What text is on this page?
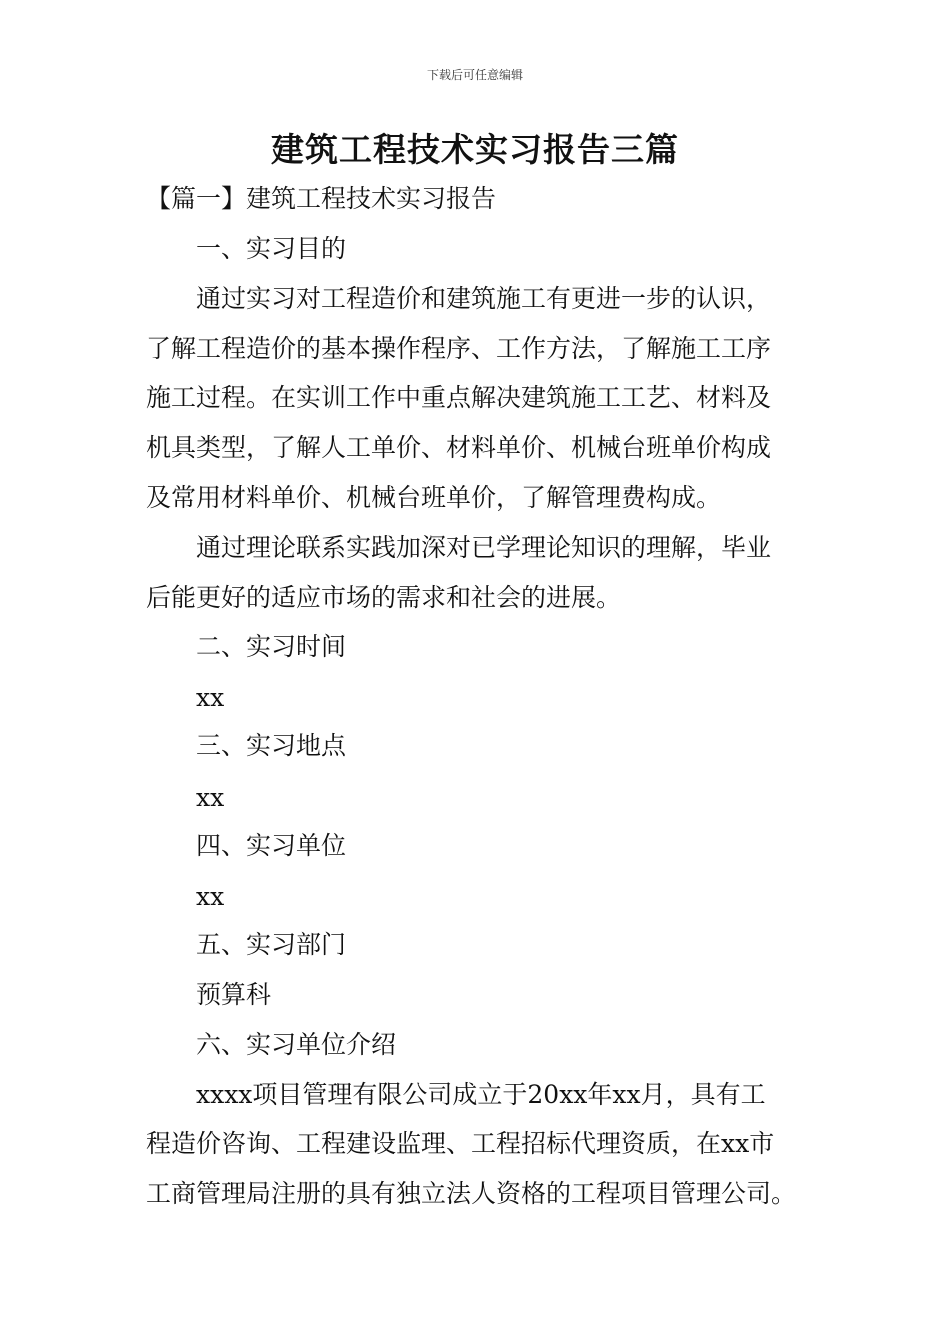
下载后可任意编辑
建筑工程技术实习报告三篇
【篇一】建筑工程技术实习报告
一、实习目的
通过实习对工程造价和建筑施工有更进一步的认识，
了解工程造价的基本操作程序、工作方法，了解施工工序
施工过程。在实训工作中重点解决建筑施工工艺、材料及
机具类型，了解人工单价、材料单价、机械台班单价构成
及常用材料单价、机械台班单价，了解管理费构成。
通过理论联系实践加深对已学理论知识的理解，毕业
后能更好的适应市场的需求和社会的进展。
二、实习时间
xx
三、实习地点
xx
四、实习单位
xx
五、实习部门
预算科
六、实习单位介绍
xxxx项目管理有限公司成立于20xx年xx月，具有工
程造价咨询、工程建设监理、工程招标代理资质，在xx市
工商管理局注册的具有独立法人资格的工程项目管理公司。
